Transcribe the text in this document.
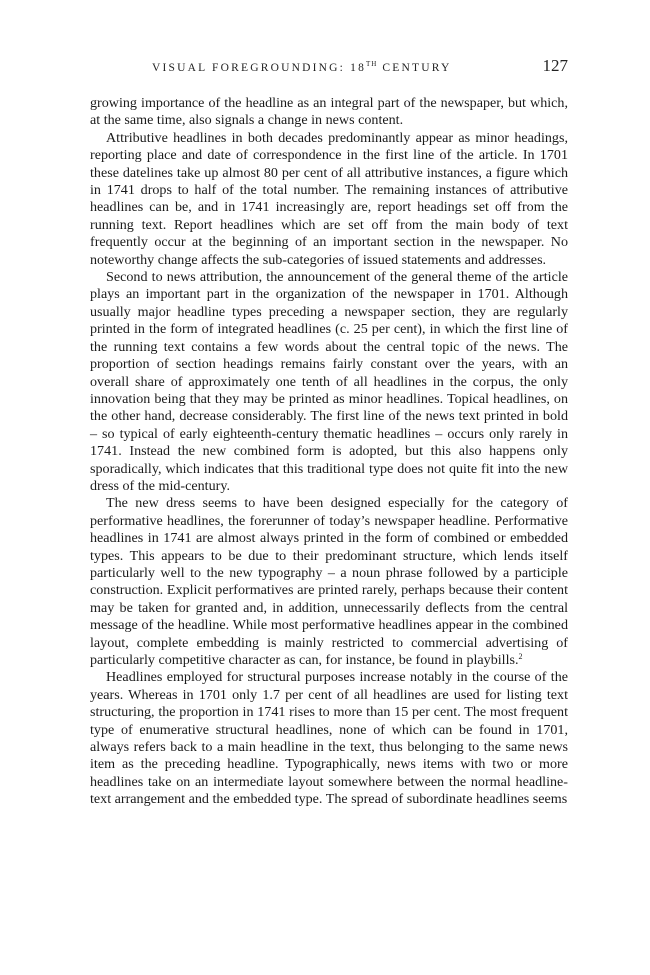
VISUAL FOREGROUNDING: 18TH CENTURY	127

growing importance of the headline as an integral part of the newspaper, but which, at the same time, also signals a change in news content.

Attributive headlines in both decades predominantly appear as minor headings, reporting place and date of correspondence in the first line of the article. In 1701 these datelines take up almost 80 per cent of all attributive instances, a figure which in 1741 drops to half of the total number. The remaining instances of attributive headlines can be, and in 1741 increasingly are, report headings set off from the running text. Report headlines which are set off from the main body of text frequently occur at the beginning of an important section in the newspaper. No noteworthy change affects the sub-categories of issued statements and addresses.

Second to news attribution, the announcement of the general theme of the article plays an important part in the organization of the newspaper in 1701. Although usually major headline types preceding a newspaper section, they are regularly printed in the form of integrated headlines (c. 25 per cent), in which the first line of the running text contains a few words about the central topic of the news. The proportion of section headings remains fairly constant over the years, with an overall share of approximately one tenth of all headlines in the corpus, the only innovation being that they may be printed as minor headlines. Topical headlines, on the other hand, decrease considerably. The first line of the news text printed in bold – so typical of early eighteenth-century thematic headlines – occurs only rarely in 1741. Instead the new combined form is adopted, but this also happens only sporadically, which indicates that this traditional type does not quite fit into the new dress of the mid-century.

The new dress seems to have been designed especially for the category of performative headlines, the forerunner of today’s newspaper headline. Performative headlines in 1741 are almost always printed in the form of combined or embedded types. This appears to be due to their predominant structure, which lends itself particularly well to the new typography – a noun phrase followed by a participle construction. Explicit performatives are printed rarely, perhaps because their content may be taken for granted and, in addition, unnecessarily deflects from the central message of the headline. While most performative headlines appear in the combined layout, complete embedding is mainly restricted to commercial advertising of particularly competitive character as can, for instance, be found in playbills.$^2$

Headlines employed for structural purposes increase notably in the course of the years. Whereas in 1701 only 1.7 per cent of all headlines are used for listing text structuring, the proportion in 1741 rises to more than 15 per cent. The most frequent type of enumerative structural headlines, none of which can be found in 1701, always refers back to a main headline in the text, thus belonging to the same news item as the preceding headline. Typographically, news items with two or more headlines take on an intermediate layout somewhere between the normal headline-text arrangement and the embedded type. The spread of subordinate headlines seems
